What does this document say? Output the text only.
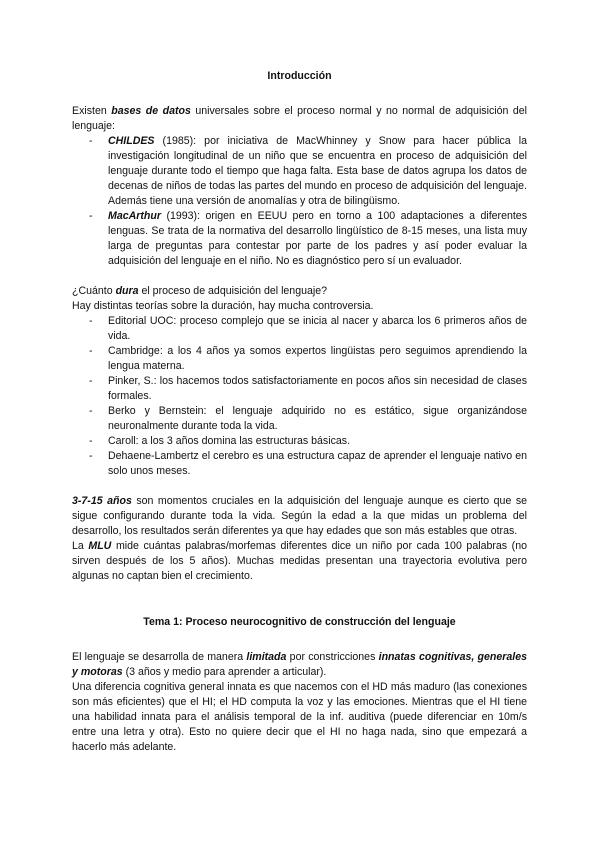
Introducción

Existen bases de datos universales sobre el proceso normal y no normal de adquisición del lenguaje:

- CHILDES (1985): por iniciativa de MacWhinney y Snow para hacer pública la investigación longitudinal de un niño que se encuentra en proceso de adquisición del lenguaje durante todo el tiempo que haga falta. Esta base de datos agrupa los datos de decenas de niños de todas las partes del mundo en proceso de adquisición del lenguaje. Además tiene una versión de anomalías y otra de bilingüismo.
- MacArthur (1993): origen en EEUU pero en torno a 100 adaptaciones a diferentes lenguas. Se trata de la normativa del desarrollo lingüístico de 8-15 meses, una lista muy larga de preguntas para contestar por parte de los padres y así poder evaluar la adquisición del lenguaje en el niño. No es diagnóstico pero sí un evaluador.

¿Cuánto dura el proceso de adquisición del lenguaje?

Hay distintas teorías sobre la duración, hay mucha controversia.

- Editorial UOC: proceso complejo que se inicia al nacer y abarca los 6 primeros años de vida.
- Cambridge: a los 4 años ya somos expertos lingüistas pero seguimos aprendiendo la lengua materna.
- Pinker, S.: los hacemos todos satisfactoriamente en pocos años sin necesidad de clases formales.
- Berko y Bernstein: el lenguaje adquirido no es estático, sigue organizándose neuronalmente durante toda la vida.
- Caroll: a los 3 años domina las estructuras básicas.
- Dehaene-Lambertz el cerebro es una estructura capaz de aprender el lenguaje nativo en solo unos meses.

3-7-15 años son momentos cruciales en la adquisición del lenguaje aunque es cierto que se sigue configurando durante toda la vida. Según la edad a la que midas un problema del desarrollo, los resultados serán diferentes ya que hay edades que son más estables que otras.

La MLU mide cuántas palabras/morfemas diferentes dice un niño por cada 100 palabras (no sirven después de los 5 años). Muchas medidas presentan una trayectoria evolutiva pero algunas no captan bien el crecimiento.

Tema 1: Proceso neurocognitivo de construcción del lenguaje

El lenguaje se desarrolla de manera limitada por constricciones innatas cognitivas, generales y motoras (3 años y medio para aprender a articular).

Una diferencia cognitiva general innata es que nacemos con el HD más maduro (las conexiones son más eficientes) que el HI; el HD computa la voz y las emociones. Mientras que el HI tiene una habilidad innata para el análisis temporal de la inf. auditiva (puede diferenciar en 10m/s entre una letra y otra). Esto no quiere decir que el HI no haga nada, sino que empezará a hacerlo más adelante.
